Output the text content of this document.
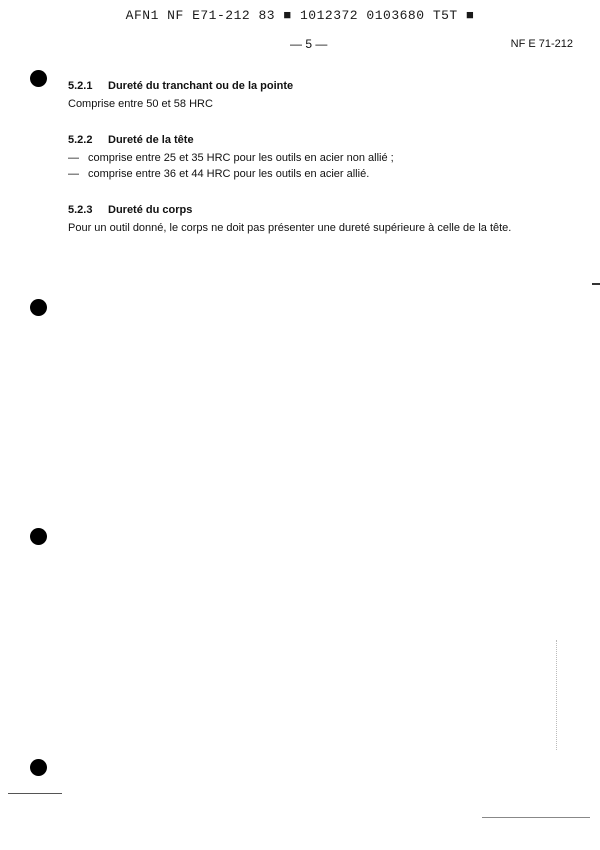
AFN1 NF E71-212 83 ■ 1012372 0103680 T5T ■
— 5 —	NF E 71-212
5.2.1	Dureté du tranchant ou de la pointe
Comprise entre 50 et 58 HRC
5.2.2	Dureté de la tête
— comprise entre 25 et 35 HRC pour les outils en acier non allié ;
— comprise entre 36 et 44 HRC pour les outils en acier allié.
5.2.3	Dureté du corps
Pour un outil donné, le corps ne doit pas présenter une dureté supérieure à celle de la tête.
